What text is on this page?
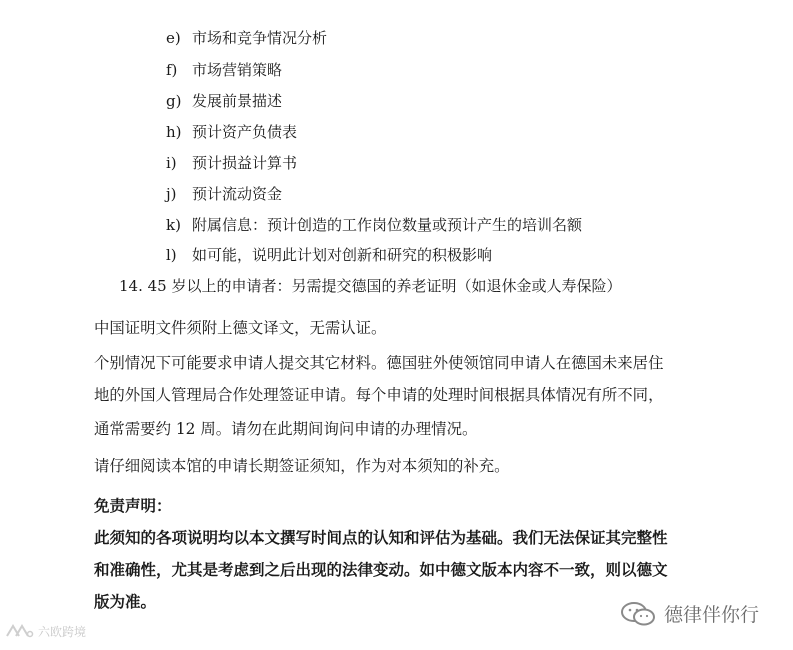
e) 市场和竞争情况分析
f) 市场营销策略
g) 发展前景描述
h) 预计资产负债表
i) 预计损益计算书
j) 预计流动资金
k) 附属信息：预计创造的工作岗位数量或预计产生的培训名额
l) 如可能，说明此计划对创新和研究的积极影响
14. 45 岁以上的申请者：另需提交德国的养老证明（如退休金或人寿保险）
中国证明文件须附上德文译文，无需认证。
个别情况下可能要求申请人提交其它材料。德国驻外使领馆同申请人在德国未来居住
地的外国人管理局合作处理签证申请。每个申请的处理时间根据具体情况有所不同，
通常需要约 12 周。请勿在此期间询问申请的办理情况。
请仔细阅读本馆的申请长期签证须知，作为对本须知的补充。
免责声明：
此须知的各项说明均以本文撰写时间点的认知和评估为基础。我们无法保证其完整性
和准确性，尤其是考虑到之后出现的法律变动。如中德文版本内容不一致，则以德文
版为准。
德律伴你行
六欧跨境
